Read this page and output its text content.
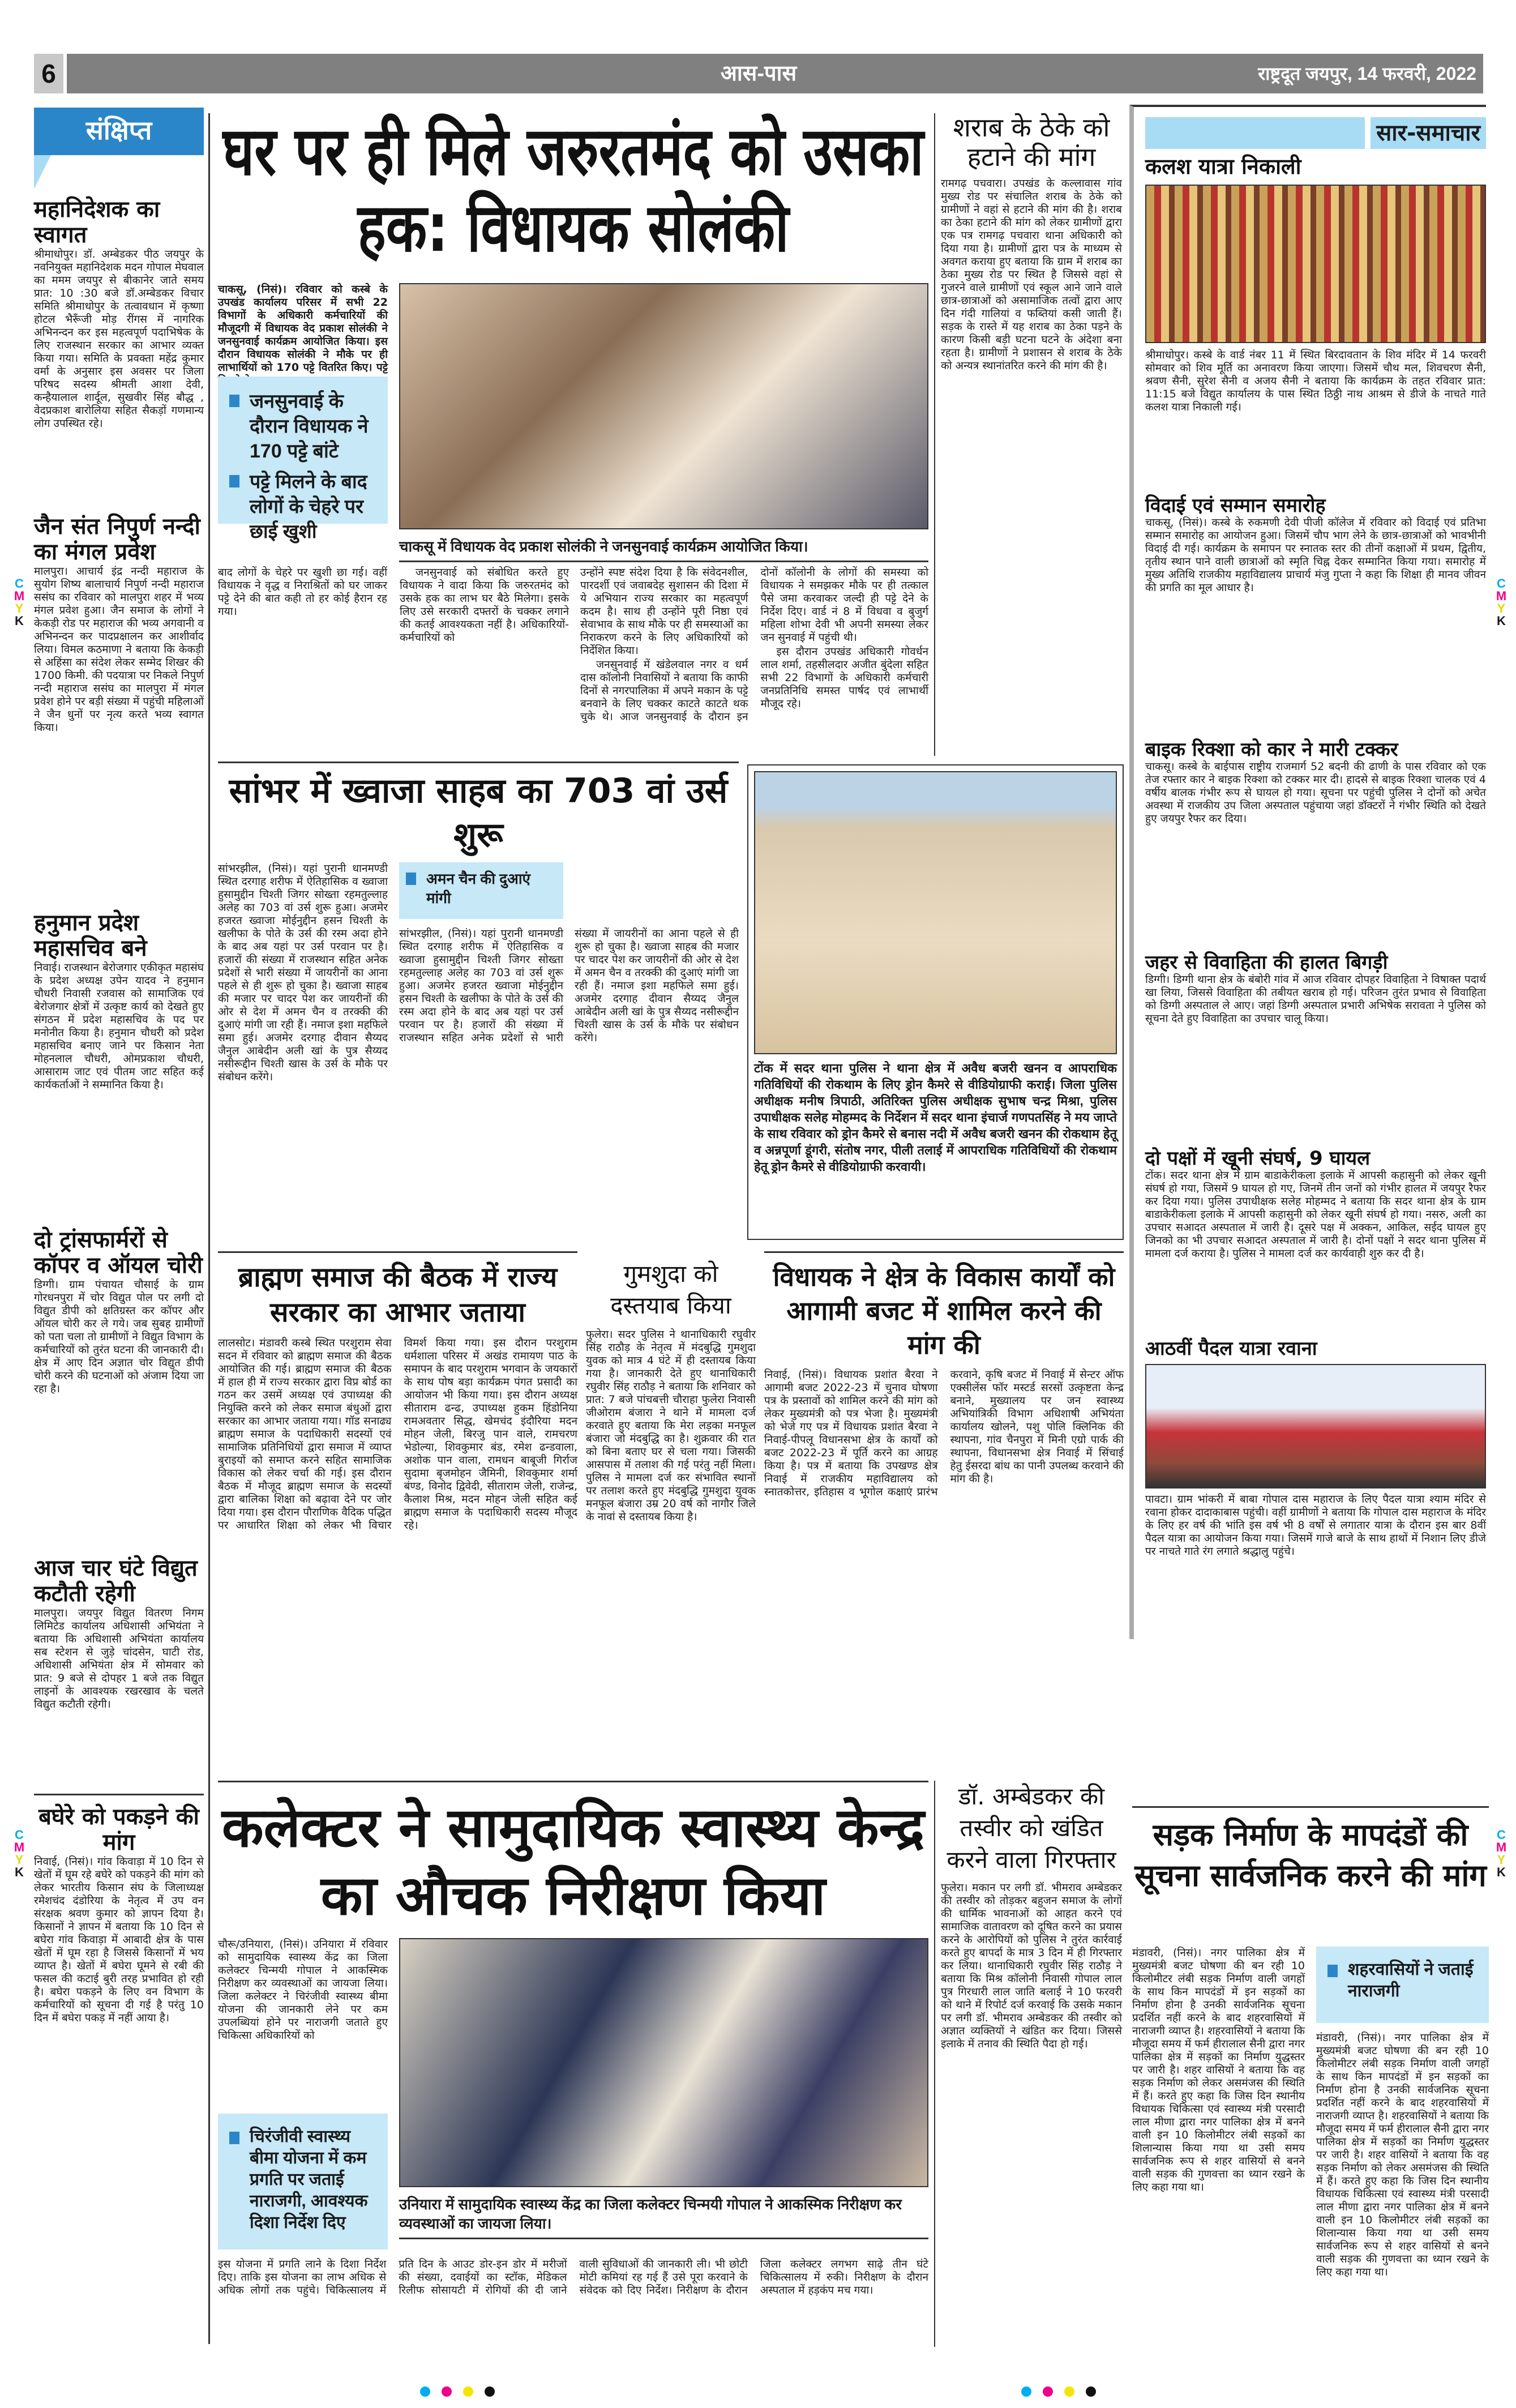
6	आस-पास	राष्ट्रदूत जयपुर, 14 फरवरी, 2022
C
M
Y
K
C
M
Y
K
C
M
Y
K
C
M
Y
K

संक्षिप्त
महानिदेशक का स्वागत
श्रीमाधोपुर। डॉ. अम्बेडकर पीठ जयपुर के नवनियुक्त महानिदेशक मदन गोपाल मेघवाल का ममम जयपुर से बीकानेर जाते समय प्रात: 10 :30 बजे डॉ.अम्बेडकर विचार समिति श्रीमाधोपुर के तत्वावधान में कृष्णा होटल भैरूँजी मोड़ रींगस में नागरिक अभिनन्दन कर इस महत्वपूर्ण पदाभिषेक के लिए राजस्थान सरकार का आभार व्यक्त किया गया। समिति के प्रवक्ता महेंद्र कुमार वर्मा के अनुसार इस अवसर पर जिला परिषद सदस्य श्रीमती आशा देवी, कन्हैयालाल शार्दूल, सुखवीर सिंह बौद्ध , वेदप्रकाश बारोलिया सहित सैकड़ों गणमान्य लोग उपस्थित रहे।
जैन संत निपुर्ण नन्दी का मंगल प्रवेश
मालपुरा। आचार्य इंद्र नन्दी महाराज के सुयोग शिष्य बालाचार्य निपुर्ण नन्दी महाराज ससंघ का रविवार को मालपुरा शहर में भव्य मंगल प्रवेश हुआ। जैन समाज के लोगों ने केकड़ी रोड पर महाराज की भव्य अगवानी व अभिनन्दन कर पादप्रक्षालन कर आशीर्वाद लिया। विमल कठमाणा ने बताया कि केकड़ी से अहिंसा का संदेश लेकर सम्मेद शिखर की 1700 किमी. की पदयात्रा पर निकले निपुर्ण नन्दी महाराज ससंघ का मालपुरा में मंगल प्रवेश होने पर बड़ी संख्या में पहुंची महिलाओं ने जैन धुनों पर नृत्य करते भव्य स्वागत किया।
हनुमान प्रदेश महासचिव बने
निवाई। राजस्थान बेरोजगार एकीकृत महासंघ के प्रदेश अध्यक्ष उपेन यादव ने हनुमान चौधरी निवासी रजवास को सामाजिक एवं बेरोजगार क्षेत्रों में उत्कृष्ट कार्य को देखते हुए संगठन में प्रदेश महासचिव के पद पर मनोनीत किया है। हनुमान चौधरी को प्रदेश महासचिव बनाए जाने पर किसान नेता मोहनलाल चौधरी, ओमप्रकाश चौधरी, आसाराम जाट एवं पीतम जाट सहित कई कार्यकर्ताओं ने सम्मानित किया है।
दो ट्रांसफार्मरों से कॉपर व ऑयल चोरी
डिग्गी। ग्राम पंचायत चौसाई के ग्राम गोरधनपुरा में चोर विद्युत पोल पर लगी दो विद्युत डीपी को क्षतिग्रस्त कर कॉपर और ऑयल चोरी कर ले गये। जब सुबह ग्रामीणों को पता चला तो ग्रामीणों ने विद्युत विभाग के कर्मचारियों को तुरंत घटना की जानकारी दी। क्षेत्र में आए दिन अज्ञात चोर विद्युत डीपी चोरी करने की घटनाओं को अंजाम दिया जा रहा है।
आज चार घंटे विद्युत कटौती रहेगी
मालपुरा। जयपुर विद्युत वितरण निगम लिमिटेड कार्यालय अधिशासी अभियंता ने बताया कि अधिशासी अभियंता कार्यालय सब स्टेशन से जुड़े चांदसेन, घाटी रोड, अधिशासी अभियंता क्षेत्र में सोमवार को प्रात: 9 बजे से दोपहर 1 बजे तक विद्युत लाइनों के आवश्यक रखरखाव के चलते विद्युत कटौती रहेगी।
बघेरे को पकड़ने की मांग
निवाई, (निसं)। गांव किवाड़ा में 10 दिन से खेतों में घूम रहे बघेरे को पकड़ने की मांग को लेकर भारतीय किसान संघ के जिलाध्यक्ष रमेशचंद दंडोरिया के नेतृत्व में उप वन संरक्षक श्रवण कुमार को ज्ञापन दिया है। किसानों ने ज्ञापन में बताया कि 10 दिन से बघेरा गांव किवाड़ा में आबादी क्षेत्र के पास खेतों में घूम रहा है जिससे किसानों में भय व्याप्त है। खेतों में बघेरा घूमने से रबी की फसल की कटाई बुरी तरह प्रभावित हो रही है। बघेरा पकड़ने के लिए वन विभाग के कर्मचारियों को सूचना दी गई है परंतु 10 दिन में बघेरा पकड़ में नहीं आया है।
घर पर ही मिले जरुरतमंद को उसका हक: विधायक सोलंकी
चाकसू, (निसं)। रविवार को कस्बे के उपखंड कार्यालय परिसर में सभी 22 विभागों के अधिकारी कर्मचारियों की मौजूदगी में विधायक वेद प्रकाश सोलंकी ने जनसुनवाई कार्यक्रम आयोजित किया। इस दौरान विधायक सोलंकी ने मौके पर ही लाभार्थियों को 170 पट्टे वितरित किए। पट्टे
जनसुनवाई के दौरान विधायक ने 170 पट्टे बांटे
पट्टे मिलने के बाद लोगों के चेहरे पर छाई खुशी
चाकसू में विधायक वेद प्रकाश सोलंकी ने जनसुनवाई कार्यक्रम आयोजित किया।

बाद लोगों के चेहरे पर खुशी छा गई। वहीं विधायक ने वृद्ध व निराश्रितों को घर जाकर पट्टे देने की बात कही तो हर कोई हैरान रह गया।

जनसुनवाई को संबोधित करते हुए विधायक ने वादा किया कि जरुरतमंद को उसके हक का लाभ घर बैठे मिलेगा। इसके लिए उसे सरकारी दफ्तरों के चक्कर लगाने की कतई आवश्यकता नहीं है। अधिकारियों-कर्मचारियों को

उन्होंने स्पष्ट संदेश दिया है कि संवेदनशील, पारदर्शी एवं जवाबदेह सुशासन की दिशा में ये अभियान राज्य सरकार का महत्वपूर्ण कदम है। साथ ही उन्होंने पूरी निष्ठा एवं सेवाभाव के साथ मौके पर ही समस्याओं का निराकरण करने के लिए अधिकारियों को निर्देशित किया।

जनसुनवाई में खंडेलवाल नगर व धर्म दास कॉलोनी निवासियों ने बताया कि काफी दिनों से नगरपालिका में अपने मकान के पट्टे बनवाने के लिए चक्कर काटते काटते थक चुके थे। आज जनसुनवाई के दौरान इन दोनों कॉलोनी के लोगों की समस्या को विधायक ने समझकर मौके पर ही तत्काल पैसे जमा करवाकर जल्दी ही पट्टे देने के निर्देश दिए। वार्ड नं 8 में विधवा व बुजुर्ग महिला शोभा देवी भी अपनी समस्या लेकर जन सुनवाई में पहुंची थी।

इस दौरान उपखंड अधिकारी गोवर्धन लाल शर्मा, तहसीलदार अजीत बुंदेला सहित सभी 22 विभागों के अधिकारी कर्मचारी जनप्रतिनिधि समस्त पार्षद एवं लाभार्थी मौजूद रहे।

शराब के ठेके को हटाने की मांग
रामगढ़ पचवारा। उपखंड के कल्लावास गांव मुख्य रोड पर संचालित शराब के ठेके को ग्रामीणों ने वहां से हटाने की मांग की है। शराब का ठेका हटाने की मांग को लेकर ग्रामीणों द्वारा एक पत्र रामगढ़ पचवारा थाना अधिकारी को दिया गया है। ग्रामीणों द्वारा पत्र के माध्यम से अवगत कराया हुए बताया कि ग्राम में शराब का ठेका मुख्य रोड पर स्थित है जिससे वहां से गुजरने वाले ग्रामीणों एवं स्कूल आने जाने वाले छात्र-छात्राओं को असामाजिक तत्वों द्वारा आए दिन गंदी गालियां व फब्तियां कसी जाती हैं। सड़क के रास्ते में यह शराब का ठेका पड़ने के कारण किसी बड़ी घटना घटने के अंदेशा बना रहता है। ग्रामीणों ने प्रशासन से शराब के ठेके को अन्यत्र स्थानांतरित करने की मांग की है।
सार-समाचार
कलश यात्रा निकाली
श्रीमाधोपुर। कस्बे के वार्ड नंबर 11 में स्थित बिरदावतान के शिव मंदिर में 14 फरवरी सोमवार को शिव मूर्ति का अनावरण किया जाएगा। जिसमें चौथ मल, शिवचरण सैनी, श्रवण सैनी, सुरेश सैनी व अजय सैनी ने बताया कि कार्यक्रम के तहत रविवार प्रात: 11:15 बजे विद्युत कार्यालय के पास स्थित ठिठ्ठी नाथ आश्रम से डीजे के नाचते गाते कलश यात्रा निकाली गई।
विदाई एवं सम्मान समारोह
चाकसू, (निसं)। कस्बे के रुकमणी देवी पीजी कॉलेज में रविवार को विदाई एवं प्रतिभा सम्मान समारोह का आयोजन हुआ। जिसमें चौप भाग लेने के छात्र-छात्राओं को भावभीनी विदाई दी गई। कार्यक्रम के समापन पर स्नातक स्तर की तीनों कक्षाओं में प्रथम, द्वितीय, तृतीय स्थान पाने वाली छात्राओं को स्मृति चिह्न देकर सम्मानित किया गया। समारोह में मुख्य अतिथि राजकीय महाविद्यालय प्राचार्य मंजु गुप्ता ने कहा कि शिक्षा ही मानव जीवन की प्रगति का मूल आधार है।
बाइक रिक्शा को कार ने मारी टक्कर
चाकसू। कस्बे के बाईपास राष्ट्रीय राजमार्ग 52 बदनी की ढाणी के पास रविवार को एक तेज रफ्तार कार ने बाइक रिक्शा को टक्कर मार दी। हादसे से बाइक रिक्शा चालक एवं 4 वर्षीय बालक गंभीर रूप से घायल हो गया। सूचना पर पहुंची पुलिस ने दोनों को अचेत अवस्था में राजकीय उप जिला अस्पताल पहुंचाया जहां डॉक्टरों ने गंभीर स्थिति को देखते हुए जयपुर रैफर कर दिया।
जहर से विवाहिता की हालत बिगड़ी
डिग्गी। डिग्गी थाना क्षेत्र के बंबोरी गांव में आज रविवार दोपहर विवाहिता ने विषाक्त पदार्थ खा लिया, जिससे विवाहिता की तबीयत खराब हो गई। परिजन तुरंत प्रभाव से विवाहिता को डिग्गी अस्पताल ले आए। जहां डिग्गी अस्पताल प्रभारी अभिषेक सरावता ने पुलिस को सूचना देते हुए विवाहिता का उपचार चालू किया।
दो पक्षों में खूनी संघर्ष, 9 घायल
टोंक। सदर थाना क्षेत्र में ग्राम बाडाकेरीकला इलाके में आपसी कहासुनी को लेकर खूनी संघर्ष हो गया, जिसमें 9 घायल हो गए, जिनमें तीन जनों को गंभीर हालत में जयपुर रैफर कर दिया गया। पुलिस उपाधीक्षक सलेह मोहम्मद ने बताया कि सदर थाना क्षेत्र के ग्राम बाडाकेरीकला इलाके में आपसी कहासुनी को लेकर खूनी संघर्ष हो गया। नसरु, अली का उपचार सआदत अस्पताल में जारी है। दूसरे पक्ष में अक्कन, आकिल, सईद घायल हुए जिनको का भी उपचार सआदत अस्पताल में जारी है। दोनों पक्षों ने सदर थाना पुलिस में मामला दर्ज कराया है। पुलिस ने मामला दर्ज कर कार्यवाही शुरु कर दी है।
आठवीं पैदल यात्रा रवाना
पावटा। ग्राम भांकरी में बाबा गोपाल दास महाराज के लिए पैदल यात्रा श्याम मंदिर से रवाना होकर दादाकाबास पहुंची। वहीं ग्रामीणों ने बताया कि गोपाल दास महाराज के मंदिर के लिए हर वर्ष की भांति इस वर्ष भी 8 वर्षों से लगातार यात्रा के दौरान इस बार 8वीं पैदल यात्रा का आयोजन किया गया। जिसमें गाजे बाजे के साथ हाथों में निशान लिए डीजे पर नाचते गाते रंग लगाते श्रद्धालु पहुंचे।
सांभर में ख्वाजा साहब का 703 वां उर्स शुरू
अमन चैन की दुआएं मांगी
सांभरझील, (निसं)। यहां पुरानी धानमण्डी स्थित दरगाह शरीफ में ऐतिहासिक व ख्वाजा हुसामुद्दीन चिश्ती जिगर सोख्ता रहमतुल्लाह अलेह का 703 वां उर्स शुरू हुआ। अजमेर हजरत ख्वाजा मोईनुद्दीन हसन चिश्ती के खलीफा के पोते के उर्स की रस्म अदा होने के बाद अब यहां पर उर्स परवान पर है। हजारों की संख्या में राजस्थान सहित अनेक प्रदेशों से भारी संख्या में जायरीनों का आना पहले से ही शुरू हो चुका है। ख्वाजा साहब की मजार पर चादर पेश कर जायरीनों की ओर से देश में अमन चैन व तरक्की की दुआएं मांगी जा रही हैं। नमाज इशा महफिले समा हुई। अजमेर दरगाह दीवान सैय्यद जैनुल आबेदीन अली खां के पुत्र सैय्यद नसीरूद्दीन चिश्ती खास के उर्स के मौके पर संबोधन करेंगे।
सांभरझील, (निसं)। यहां पुरानी धानमण्डी स्थित दरगाह शरीफ में ऐतिहासिक व ख्वाजा हुसामुद्दीन चिश्ती जिगर सोख्ता रहमतुल्लाह अलेह का 703 वां उर्स शुरू हुआ। अजमेर हजरत ख्वाजा मोईनुद्दीन हसन चिश्ती के खलीफा के पोते के उर्स की रस्म अदा होने के बाद अब यहां पर उर्स परवान पर है। हजारों की संख्या में राजस्थान सहित अनेक प्रदेशों से भारी संख्या में जायरीनों का आना पहले से ही शुरू हो चुका है। ख्वाजा साहब की मजार पर चादर पेश कर जायरीनों की ओर से देश में अमन चैन व तरक्की की दुआएं मांगी जा रही हैं। नमाज इशा महफिले समा हुई। अजमेर दरगाह दीवान सैय्यद जैनुल आबेदीन अली खां के पुत्र सैय्यद नसीरूद्दीन चिश्ती खास के उर्स के मौके पर संबोधन करेंगे।
टोंक में सदर थाना पुलिस ने थाना क्षेत्र में अवैध बजरी खनन व आपराधिक गतिविधियों की रोकथाम के लिए ड्रोन कैमरे से वीडियोग्राफी कराई। जिला पुलिस अधीक्षक मनीष त्रिपाठी, अतिरिक्त पुलिस अधीक्षक सुभाष चन्द्र मिश्रा, पुलिस उपाधीक्षक सलेह मोहम्मद के निर्देशन में सदर थाना इंचार्ज गणपतसिंह ने मय जाप्ते के साथ रविवार को ड्रोन कैमरे से बनास नदी में अवैध बजरी खनन की रोकथाम हेतू व अन्नपूर्णा डूंगरी, संतोष नगर, पीली तलाई में आपराधिक गतिविधियों की रोकथाम हेतू ड्रोन कैमरे से वीडियोग्राफी करवायी।
ब्राह्मण समाज की बैठक में राज्य सरकार का आभार जताया
लालसोट। मंडावरी कस्बे स्थित परशुराम सेवा सदन में रविवार को ब्राह्मण समाज की बैठक आयोजित की गई। ब्राह्मण समाज की बैठक में हाल ही में राज्य सरकार द्वारा विप्र बोर्ड का गठन कर उसमें अध्यक्ष एवं उपाध्यक्ष की नियुक्ति करने को लेकर समाज बंधुओं द्वारा सरकार का आभार जताया गया। गॉड सनाढ्य ब्राह्मण समाज के पदाधिकारी सदस्यों एवं सामाजिक प्रतिनिधियों द्वारा समाज में व्याप्त बुराइयों को समाप्त करने सहित सामाजिक विकास को लेकर चर्चा की गई। इस दौरान बैठक में मौजूद ब्राह्मण समाज के सदस्यों द्वारा बालिका शिक्षा को बढ़ावा देने पर जोर दिया गया। इस दौरान पौराणिक वैदिक पद्धित पर आधारित शिक्षा को लेकर भी विचार विमर्श किया गया। इस दौरान परशुराम धर्मशाला परिसर में अखंड रामायण पाठ के समापन के बाद परशुराम भगवान के जयकारों के साथ पोष बड़ा कार्यक्रम पंगत प्रसादी का आयोजन भी किया गया। इस दौरान अध्यक्ष सीताराम ढन्ढ, उपाध्यक्ष हुकम हिंडोनिया रामअवतार सिद्ध, खेमचंद इंदौरिया मदन मोहन जेली, बिरजु पान वाले, रामचरण भेडोल्या, शिवकुमार बंड, रमेश ढन्डवाला, अशोक पान वाला, रामधन बाबूजी गिर्राज सुदामा बृजमोहन जैमिनी, शिवकुमार शर्मा बंण्ड, विनोद द्विवेदी, सीताराम जेली, राजेन्द्र, कैलाश मिश्र, मदन मोहन जेली सहित कई ब्राह्मण समाज के पदाधिकारी सदस्य मौजूद रहे।
गुमशुदा को दस्तयाब किया
फुलेरा। सदर पुलिस ने थानाधिकारी रघुवीर सिंह राठौड़ के नेतृत्व में मंदबुद्धि गुमशुदा युवक को मात्र 4 घंटे में ही दस्तायब किया गया है। जानकारी देते हुए थानाधिकारी रघुवीर सिंह राठौड़ ने बताया कि शनिवार को प्रात: 7 बजे पांचबत्ती चौराहा फुलेरा निवासी जीओराम बंजारा ने थाने में मामला दर्ज करवाते हुए बताया कि मेरा लड़का मनफूल बंजारा जो मंदबुद्धि का है। शुक्रवार की रात को बिना बताए घर से चला गया। जिसकी आसपास में तलाश की गई परंतु नहीं मिला। पुलिस ने मामला दर्ज कर संभावित स्थानों पर तलाश करते हुए मंदबुद्धि गुमशुदा युवक मनफूल बंजारा उम्र 20 वर्ष को नागौर जिले के नावां से दस्तायब किया है।
विधायक ने क्षेत्र के विकास कार्यों को आगामी बजट में शामिल करने की मांग की
निवाई, (निसं)। विधायक प्रशांत बैरवा ने आगामी बजट 2022-23 में चुनाव घोषणा पत्र के प्रस्तावों को शामिल करने की मांग को लेकर मुख्यमंत्री को पत्र भेजा है। मुख्यमंत्री को भेजे गए पत्र में विधायक प्रशांत बैरवा ने निवाई-पीपलू विधानसभा क्षेत्र के कार्यों को बजट 2022-23 में पूर्ति करने का आग्रह किया है। पत्र में बताया कि उपखण्ड क्षेत्र निवाई में राजकीय महाविद्यालय को स्नातकोत्तर, इतिहास व भूगोल कक्षाएं प्रारंभ करवाने, कृषि बजट में निवाई में सेन्टर ऑफ एक्सीलेंस फॉर मस्टर्ड सरसों उत्कृष्टता केन्द्र बनाने, मुख्यालय पर जन स्वास्थ्य अभियांत्रिकी विभाग अधिशाषी अभियंता कार्यालय खोलने, पशु पोलि क्लिनिक की स्थापना, गांव चैनपुरा में मिनी एग्रो पार्क की स्थापना, विधानसभा क्षेत्र निवाई में सिंचाई हेतु ईसरदा बांध का पानी उपलब्ध करवाने की मांग की है।
कलेक्टर ने सामुदायिक स्वास्थ्य केन्द्र का औचक निरीक्षण किया
चौरू/उनियारा, (निसं)। उनियारा में रविवार को सामुदायिक स्वास्थ्य केंद्र का जिला कलेक्टर चिन्मयी गोपाल ने आकस्मिक निरीक्षण कर व्यवस्थाओं का जायजा लिया। जिला कलेक्टर ने चिरंजीवी स्वास्थ्य बीमा योजना की जानकारी लेने पर कम उपलब्धियां होने पर नाराजगी जताते हुए चिकित्सा अधिकारियों को
चिरंजीवी स्वास्थ्य बीमा योजना में कम प्रगति पर जताई नाराजगी, आवश्यक दिशा निर्देश दिए
उनियारा में सामुदायिक स्वास्थ्य केंद्र का जिला कलेक्टर चिन्मयी गोपाल ने आकस्मिक निरीक्षण कर व्यवस्थाओं का जायजा लिया।
इस योजना में प्रगति लाने के दिशा निर्देश दिए। ताकि इस योजना का लाभ अधिक से अधिक लोगों तक पहुंचे। चिकित्सालय में प्रति दिन के आउट डोर-इन डोर में मरीजों की संख्या, दवाईयों का स्टॉक, मेडिकल रिलीफ सोसायटी में रोगियों की दी जाने वाली सुविधाओं की जानकारी ली। भी छोटी मोटी कमियां रह गई हैं उसे पूरा करवाने के संवेदक को दिए निर्देश। निरीक्षण के दौरान जिला कलेक्टर लगभग साढ़े तीन घंटे चिकित्सालय में रुकी। निरीक्षण के दौरान अस्पताल में हड़कंप मच गया।
डॉ. अम्बेडकर की तस्वीर को खंडित करने वाला गिरफ्तार
फुलेरा। मकान पर लगी डॉ. भीमराव अम्बेडकर की तस्वीर को तोड़कर बहुजन समाज के लोगों की धार्मिक भावनाओं को आहत करने एवं सामाजिक वातावरण को दूषित करने का प्रयास करने के आरोपियों को पुलिस ने तुरंत कार्रवाई करते हुए बापर्दा के मात्र 3 दिन में ही गिरफ्तार कर लिया। थानाधिकारी रघुवीर सिंह राठौड़ ने बताया कि मिश्र कॉलोनी निवासी गोपाल लाल पुत्र गिरधारी लाल जाति बलाई ने 10 फरवरी को थाने में रिपोर्ट दर्ज करवाई कि उसके मकान पर लगी डॉ. भीमराव अम्बेडकर की तस्वीर को अज्ञात व्यक्तियों ने खंडित कर दिया। जिससे इलाके में तनाव की स्थिति पैदा हो गई।
सड़क निर्माण के मापदंडों की सूचना सार्वजनिक करने की मांग
शहरवासियों ने जताई नाराजगी
मंडावरी, (निसं)। नगर पालिका क्षेत्र में मुख्यमंत्री बजट घोषणा की बन रही 10 किलोमीटर लंबी सड़क निर्माण वाली जगहों के साथ किन मापदंडों में इन सड़कों का निर्माण होना है उनकी सार्वजनिक सूचना प्रदर्शित नहीं करने के बाद शहरवासियों में नाराजगी व्याप्त है। शहरवासियों ने बताया कि मौजूदा समय में फर्म हीरालाल सैनी द्वारा नगर पालिका क्षेत्र में सड़कों का निर्माण युद्धस्तर पर जारी है। शहर वासियों ने बताया कि वह सड़क निर्माण को लेकर असमंजस की स्थिति में हैं। करते हुए कहा कि जिस दिन स्थानीय विधायक चिकित्सा एवं स्वास्थ्य मंत्री परसादी लाल मीणा द्वारा नगर पालिका क्षेत्र में बनने वाली इन 10 किलोमीटर लंबी सड़कों का शिलान्यास किया गया था उसी समय सार्वजनिक रूप से शहर वासियों से बनने वाली सड़क की गुणवत्ता का ध्यान रखने के लिए कहा गया था।
मंडावरी, (निसं)। नगर पालिका क्षेत्र में मुख्यमंत्री बजट घोषणा की बन रही 10 किलोमीटर लंबी सड़क निर्माण वाली जगहों के साथ किन मापदंडों में इन सड़कों का निर्माण होना है उनकी सार्वजनिक सूचना प्रदर्शित नहीं करने के बाद शहरवासियों में नाराजगी व्याप्त है। शहरवासियों ने बताया कि मौजूदा समय में फर्म हीरालाल सैनी द्वारा नगर पालिका क्षेत्र में सड़कों का निर्माण युद्धस्तर पर जारी है। शहर वासियों ने बताया कि वह सड़क निर्माण को लेकर असमंजस की स्थिति में हैं। करते हुए कहा कि जिस दिन स्थानीय विधायक चिकित्सा एवं स्वास्थ्य मंत्री परसादी लाल मीणा द्वारा नगर पालिका क्षेत्र में बनने वाली इन 10 किलोमीटर लंबी सड़कों का शिलान्यास किया गया था उसी समय सार्वजनिक रूप से शहर वासियों से बनने वाली सड़क की गुणवत्ता का ध्यान रखने के लिए कहा गया था।
